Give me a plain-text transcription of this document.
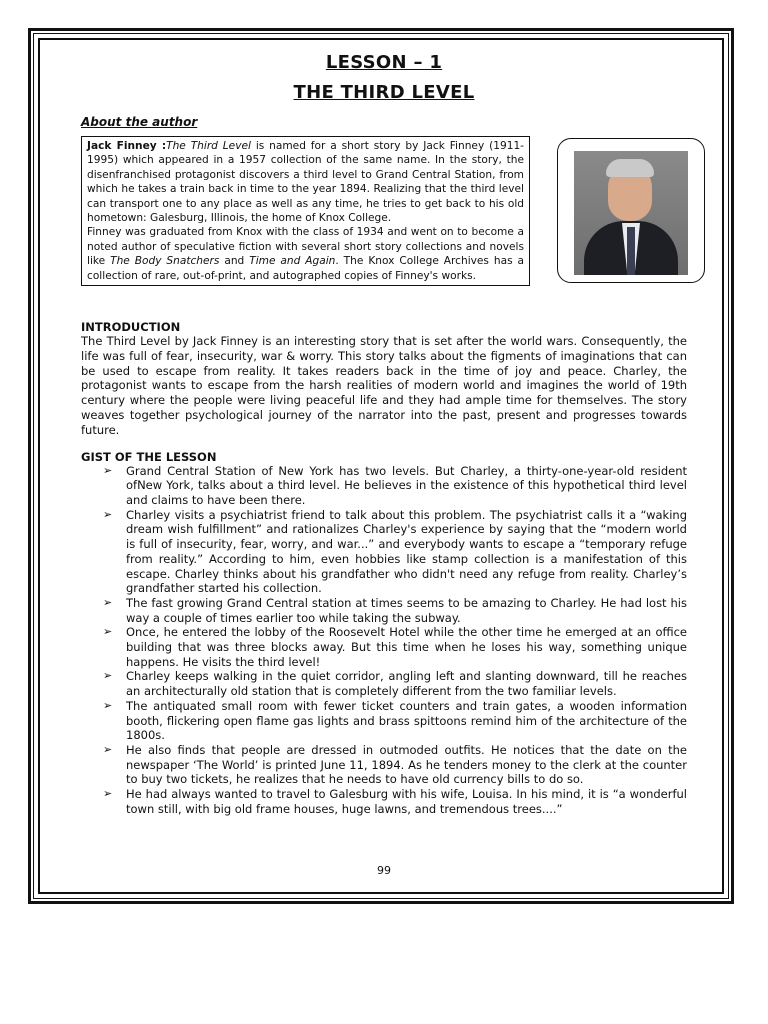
LESSON – 1
THE THIRD LEVEL
About the author

Jack Finney :The Third Level is named for a short story by Jack Finney (1911-1995) which appeared in a 1957 collection of the same name. In the story, the disenfranchised protagonist discovers a third level to Grand Central Station, from which he takes a train back in time to the year 1894. Realizing that the third level can transport one to any place as well as any time, he tries to get back to his old hometown: Galesburg, Illinois, the home of Knox College.

Finney was graduated from Knox with the class of 1934 and went on to become a noted author of speculative fiction with several short story collections and novels like The Body Snatchers and Time and Again. The Knox College Archives has a collection of rare, out-of-print, and autographed copies of Finney's works.

INTRODUCTION

The Third Level by Jack Finney is an interesting story that is set after the world wars. Consequently, the life was full of fear, insecurity, war & worry. This story talks about the figments of imaginations that can be used to escape from reality. It takes readers back in the time of joy and peace. Charley, the protagonist wants to escape from the harsh realities of modern world and imagines the world of 19th century where the people were living peaceful life and they had ample time for themselves. The story weaves together psychological journey of the narrator into the past, present and progresses towards future.

GIST OF THE LESSON
➢ Grand Central Station of New York has two levels. But Charley, a thirty-one-year-old resident ofNew York, talks about a third level. He believes in the existence of this hypothetical third level and claims to have been there.
➢ Charley visits a psychiatrist friend to talk about this problem. The psychiatrist calls it a “waking dream wish fulfillment” and rationalizes Charley's experience by saying that the “modern world is full of insecurity, fear, worry, and war...” and everybody wants to escape a “temporary refuge from reality.” According to him, even hobbies like stamp collection is a manifestation of this escape. Charley thinks about his grandfather who didn't need any refuge from reality. Charley’s grandfather started his collection.
➢ The fast growing Grand Central station at times seems to be amazing to Charley. He had lost his way a couple of times earlier too while taking the subway.
➢ Once, he entered the lobby of the Roosevelt Hotel while the other time he emerged at an office building that was three blocks away. But this time when he loses his way, something unique happens. He visits the third level!
➢ Charley keeps walking in the quiet corridor, angling left and slanting downward, till he reaches an architecturally old station that is completely different from the two familiar levels.
➢ The antiquated small room with fewer ticket counters and train gates, a wooden information booth, flickering open flame gas lights and brass spittoons remind him of the architecture of the 1800s.
➢ He also finds that people are dressed in outmoded outfits. He notices that the date on the newspaper ‘The World’ is printed June 11, 1894. As he tenders money to the clerk at the counter to buy two tickets, he realizes that he needs to have old currency bills to do so.
➢ He had always wanted to travel to Galesburg with his wife, Louisa. In his mind, it is “a wonderful town still, with big old frame houses, huge lawns, and tremendous trees....”
99
